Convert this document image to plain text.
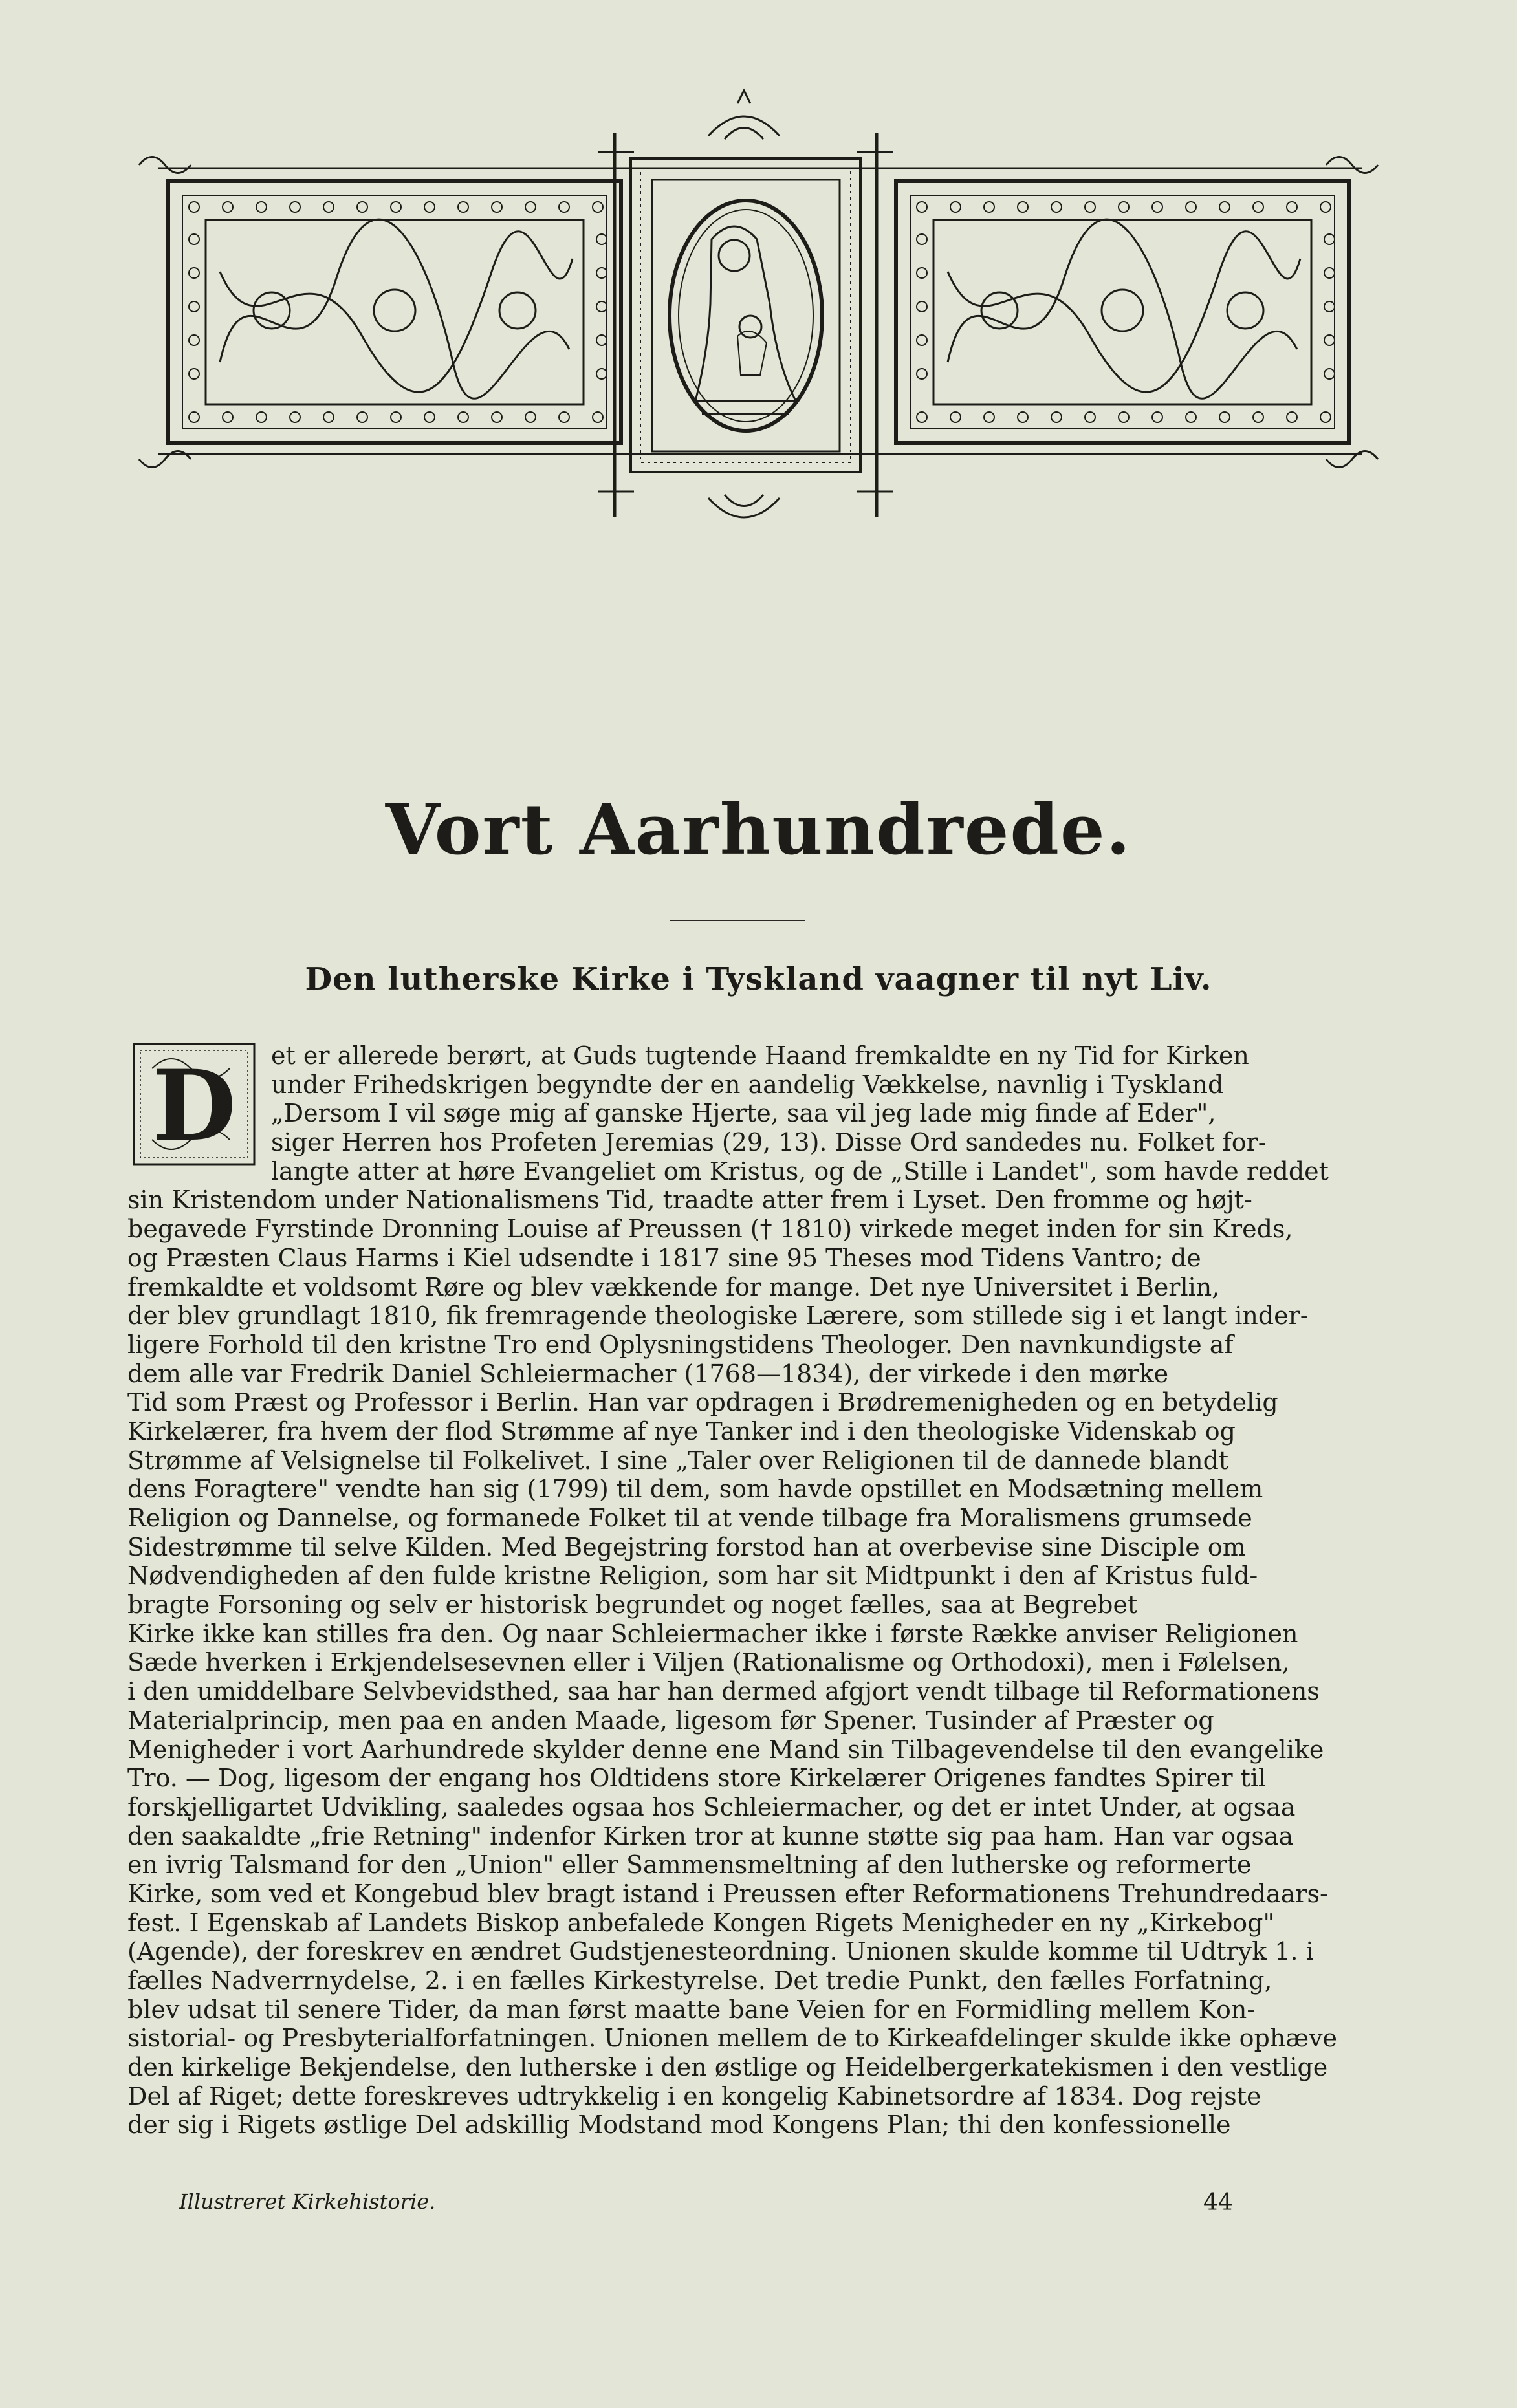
Vort Aarhundrede.
Den lutherske Kirke i Tyskland vaagner til nyt Liv.
D	et er allerede berørt, at Guds tugtende Haand fremkaldte en ny Tid for Kirken
under Frihedskrigen begyndte der en aandelig Vækkelse, navnlig i Tyskland
„Dersom I vil søge mig af ganske Hjerte, saa vil jeg lade mig finde af Eder",
siger Herren hos Profeten Jeremias (29, 13). Disse Ord sandedes nu. Folket for-
langte atter at høre Evangeliet om Kristus, og de „Stille i Landet", som havde reddet
sin Kristendom under Nationalismens Tid, traadte atter frem i Lyset. Den fromme og højt-
begavede Fyrstinde Dronning Louise af Preussen († 1810) virkede meget inden for sin Kreds,
og Præsten Claus Harms i Kiel udsendte i 1817 sine 95 Theses mod Tidens Vantro; de
fremkaldte et voldsomt Røre og blev vækkende for mange. Det nye Universitet i Berlin,
der blev grundlagt 1810, fik fremragende theologiske Lærere, som stillede sig i et langt inder-
ligere Forhold til den kristne Tro end Oplysningstidens Theologer. Den navnkundigste af
dem alle var Fredrik Daniel Schleiermacher (1768—1834), der virkede i den mørke
Tid som Præst og Professor i Berlin. Han var opdragen i Brødremenigheden og en betydelig
Kirkelærer, fra hvem der flod Strømme af nye Tanker ind i den theologiske Videnskab og
Strømme af Velsignelse til Folkelivet. I sine „Taler over Religionen til de dannede blandt
dens Foragtere" vendte han sig (1799) til dem, som havde opstillet en Modsætning mellem
Religion og Dannelse, og formanede Folket til at vende tilbage fra Moralismens grumsede
Sidestrømme til selve Kilden. Med Begejstring forstod han at overbevise sine Disciple om
Nødvendigheden af den fulde kristne Religion, som har sit Midtpunkt i den af Kristus fuld-
bragte Forsoning og selv er historisk begrundet og noget fælles, saa at Begrebet
Kirke ikke kan stilles fra den. Og naar Schleiermacher ikke i første Række anviser Religionen
Sæde hverken i Erkjendelsesevnen eller i Viljen (Rationalisme og Orthodoxi), men i Følelsen,
i den umiddelbare Selvbevidsthed, saa har han dermed afgjort vendt tilbage til Reformationens
Materialprincip, men paa en anden Maade, ligesom før Spener. Tusinder af Præster og
Menigheder i vort Aarhundrede skylder denne ene Mand sin Tilbagevendelse til den evangelike
Tro. — Dog, ligesom der engang hos Oldtidens store Kirkelærer Origenes fandtes Spirer til
forskjelligartet Udvikling, saaledes ogsaa hos Schleiermacher, og det er intet Under, at ogsaa
den saakaldte „frie Retning" indenfor Kirken tror at kunne støtte sig paa ham. Han var ogsaa
en ivrig Talsmand for den „Union" eller Sammensmeltning af den lutherske og reformerte
Kirke, som ved et Kongebud blev bragt istand i Preussen efter Reformationens Trehundredaars-
fest. I Egenskab af Landets Biskop anbefalede Kongen Rigets Menigheder en ny „Kirkebog"
(Agende), der foreskrev en ændret Gudstjenesteordning. Unionen skulde komme til Udtryk 1. i
fælles Nadverrnydelse, 2. i en fælles Kirkestyrelse. Det tredie Punkt, den fælles Forfatning,
blev udsat til senere Tider, da man først maatte bane Veien for en Formidling mellem Kon-
sistorial- og Presbyterialforfatningen. Unionen mellem de to Kirkeafdelinger skulde ikke ophæve
den kirkelige Bekjendelse, den lutherske i den østlige og Heidelbergerkatekismen i den vestlige
Del af Riget; dette foreskreves udtrykkelig i en kongelig Kabinetsordre af 1834. Dog rejste
der sig i Rigets østlige Del adskillig Modstand mod Kongens Plan; thi den konfessionelle
Illustreret Kirkehistorie.	44
